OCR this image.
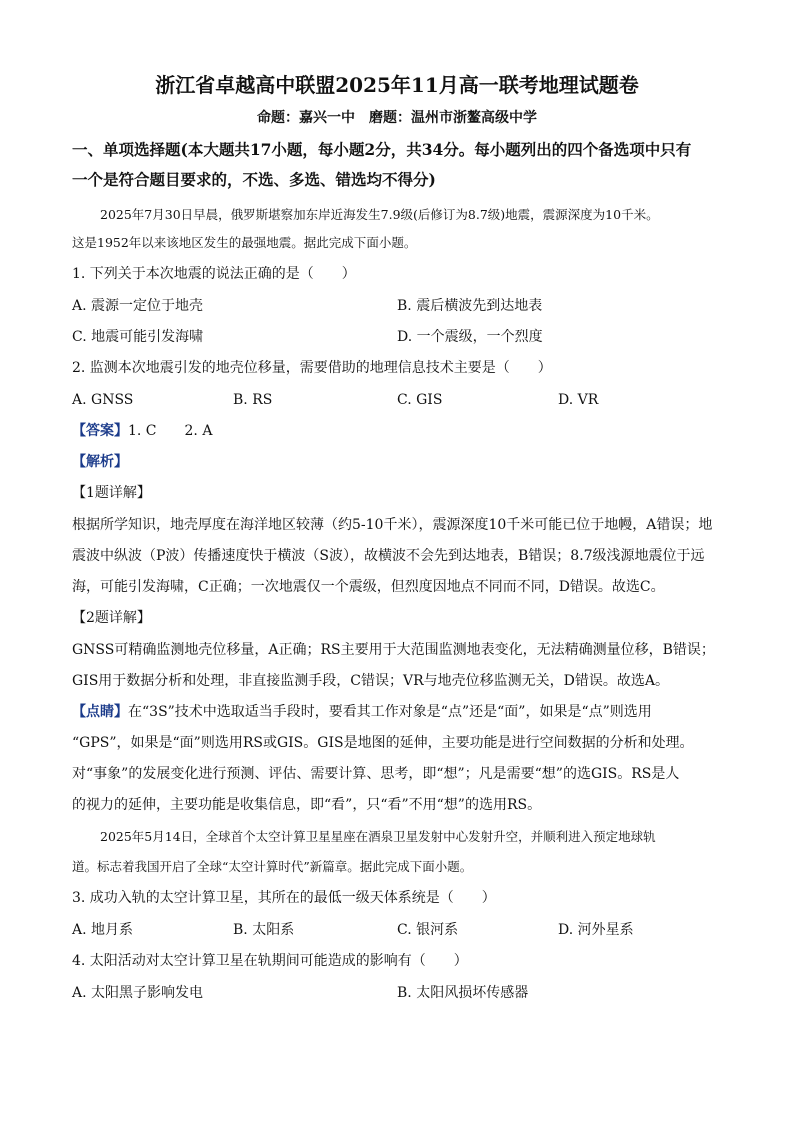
浙江省卓越高中联盟2025年11月高一联考地理试题卷
命题：嘉兴一中　磨题：温州市浙鳌高级中学
一、单项选择题(本大题共17小题，每小题2分，共34分。每小题列出的四个备选项中只有
一个是符合题目要求的，不选、多选、错选均不得分)
2025年7月30日早晨，俄罗斯堪察加东岸近海发生7.9级(后修订为8.7级)地震，震源深度为10千米。
这是1952年以来该地区发生的最强地震。据此完成下面小题。
1. 下列关于本次地震的说法正确的是（　　）
A. 震源一定位于地壳	B. 震后横波先到达地表
C. 地震可能引发海啸	D. 一个震级，一个烈度
2. 监测本次地震引发的地壳位移量，需要借助的地理信息技术主要是（　　）
A. GNSS	B. RS	C. GIS	D. VR
【答案】1. C　　2. A
【解析】
【1题详解】
根据所学知识，地壳厚度在海洋地区较薄（约5-10千米），震源深度10千米可能已位于地幔，A错误；地
震波中纵波（P波）传播速度快于横波（S波），故横波不会先到达地表，B错误；8.7级浅源地震位于远
海，可能引发海啸，C正确；一次地震仅一个震级，但烈度因地点不同而不同，D错误。故选C。
【2题详解】
GNSS可精确监测地壳位移量，A正确；RS主要用于大范围监测地表变化，无法精确测量位移，B错误；
GIS用于数据分析和处理，非直接监测手段，C错误；VR与地壳位移监测无关，D错误。故选A。
【点睛】在“3S”技术中选取适当手段时，要看其工作对象是“点”还是“面”，如果是“点”则选用
“GPS”，如果是“面”则选用RS或GIS。GIS是地图的延伸，主要功能是进行空间数据的分析和处理。
对“事象”的发展变化进行预测、评估、需要计算、思考，即“想”；凡是需要“想”的选GIS。RS是人
的视力的延伸，主要功能是收集信息，即“看”，只“看”不用“想”的选用RS。
2025年5月14日，全球首个太空计算卫星星座在酒泉卫星发射中心发射升空，并顺利进入预定地球轨
道。标志着我国开启了全球“太空计算时代”新篇章。据此完成下面小题。
3. 成功入轨的太空计算卫星，其所在的最低一级天体系统是（　　）
A. 地月系	B. 太阳系	C. 银河系	D. 河外星系
4. 太阳活动对太空计算卫星在轨期间可能造成的影响有（　　）
A. 太阳黑子影响发电	B. 太阳风损坏传感器
